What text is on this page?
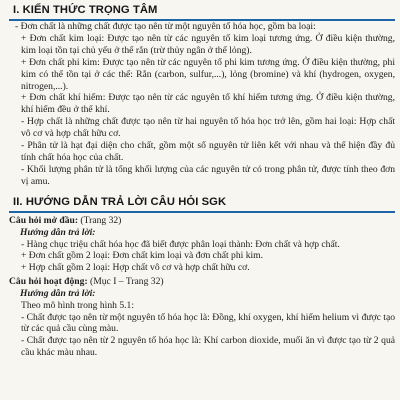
I. KIẾN THỨC TRỌNG TÂM

- Đơn chất là những chất được tạo nên từ một nguyên tố hóa học, gồm ba loại:

+ Đơn chất kim loại: Được tạo nên từ các nguyên tố kim loại tương ứng. Ở điều kiện thường, kim loại tồn tại chủ yếu ở thể rắn (trừ thủy ngân ở thể lỏng).

+ Đơn chất phi kim: Được tạo nên từ các nguyên tố phi kim tương ứng. Ở điều kiện thường, phi kim có thể tồn tại ở các thể: Rắn (carbon, sulfur,...), lỏng (bromine) và khí (hydrogen, oxygen, nitrogen,...).

+ Đơn chất khí hiếm: Được tạo nên từ các nguyên tố khí hiếm tương ứng. Ở điều kiện thường, khí hiếm đều ở thể khí.

- Hợp chất là những chất được tạo nên từ hai nguyên tố hóa học trở lên, gồm hai loại: Hợp chất vô cơ và hợp chất hữu cơ.

- Phân tử là hạt đại diện cho chất, gồm một số nguyên tử liên kết với nhau và thể hiện đầy đủ tính chất hóa học của chất.

- Khối lượng phân tử là tổng khối lượng của các nguyên tử có trong phân tử, được tính theo đơn vị amu.

II. HƯỚNG DẪN TRẢ LỜI CÂU HỎI SGK
Câu hỏi mở đầu: (Trang 32)
Hướng dẫn trả lời:

- Hàng chục triệu chất hóa học đã biết được phân loại thành: Đơn chất và hợp chất.

+ Đơn chất gồm 2 loại: Đơn chất kim loại và đơn chất phi kim.

+ Hợp chất gồm 2 loại: Hợp chất vô cơ và hợp chất hữu cơ.

Câu hỏi hoạt động: (Mục I – Trang 32)
Hướng dẫn trả lời:

Theo mô hình trong hình 5.1:

- Chất được tạo nên từ một nguyên tố hóa học là: Đồng, khí oxygen, khí hiếm helium vì được tạo từ các quả cầu cùng màu.

- Chất được tạo nên từ 2 nguyên tố hóa học là: Khí carbon dioxide, muối ăn vì được tạo từ 2 quả cầu khác màu nhau.
